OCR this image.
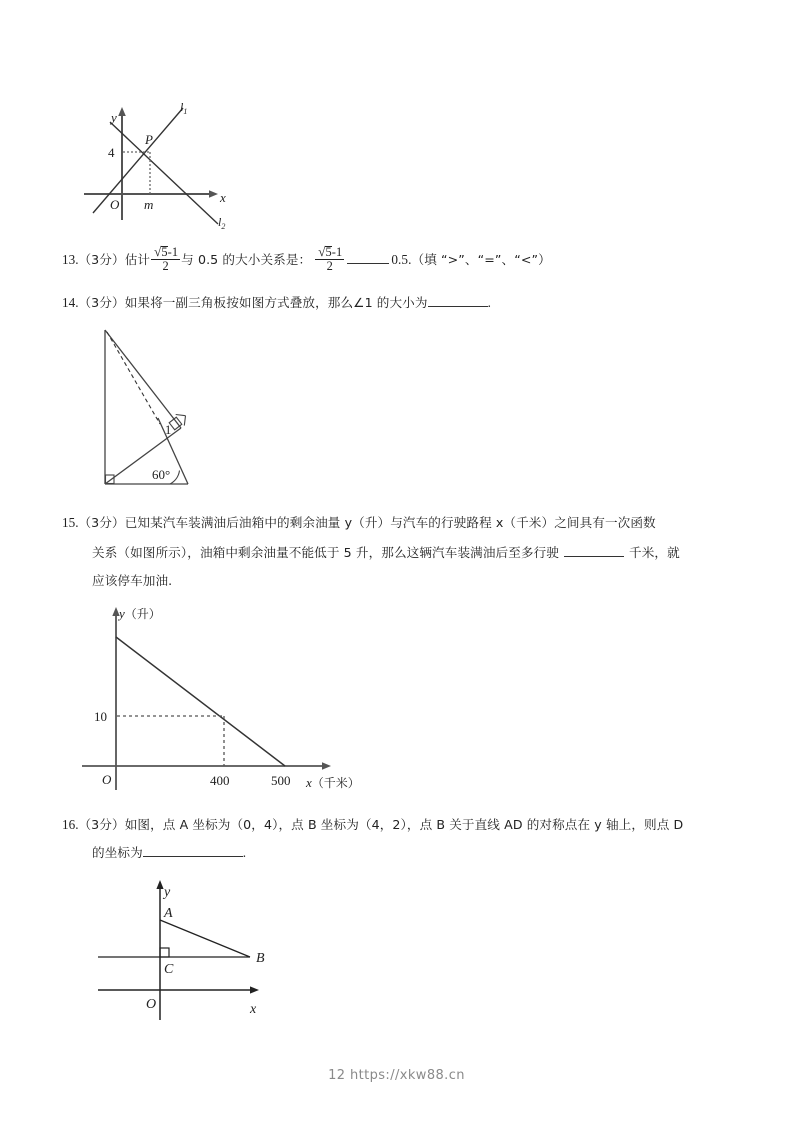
y
x
O
P
4
m
$l_1$
$l_2$
13.（3分）估计 $\frac{√5-1}{2}$ 与 0.5 的大小关系是： $\frac{√5-1}{2}$	0.5.（填 “>”、“=”、“<”）
14.（3分）如果将一副三角板按如图方式叠放，那么∠1 的大小为	.
1
60°
15.（3分）已知某汽车装满油后油箱中的剩余油量 y（升）与汽车的行驶路程 x（千米）之间具有一次函数
关系（如图所示），油箱中剩余油量不能低于 5 升，那么这辆汽车装满油后至多行驶	千米，就
应该停车加油.
y（升）
x（千米）
O
10
400	500
16.（3分）如图，点 A 坐标为（0，4），点 B 坐标为（4，2），点 B 关于直线 AD 的对称点在 y 轴上，则点 D
的坐标为	.
y
x
O
A
B
C
12 https://xkw88.cn
